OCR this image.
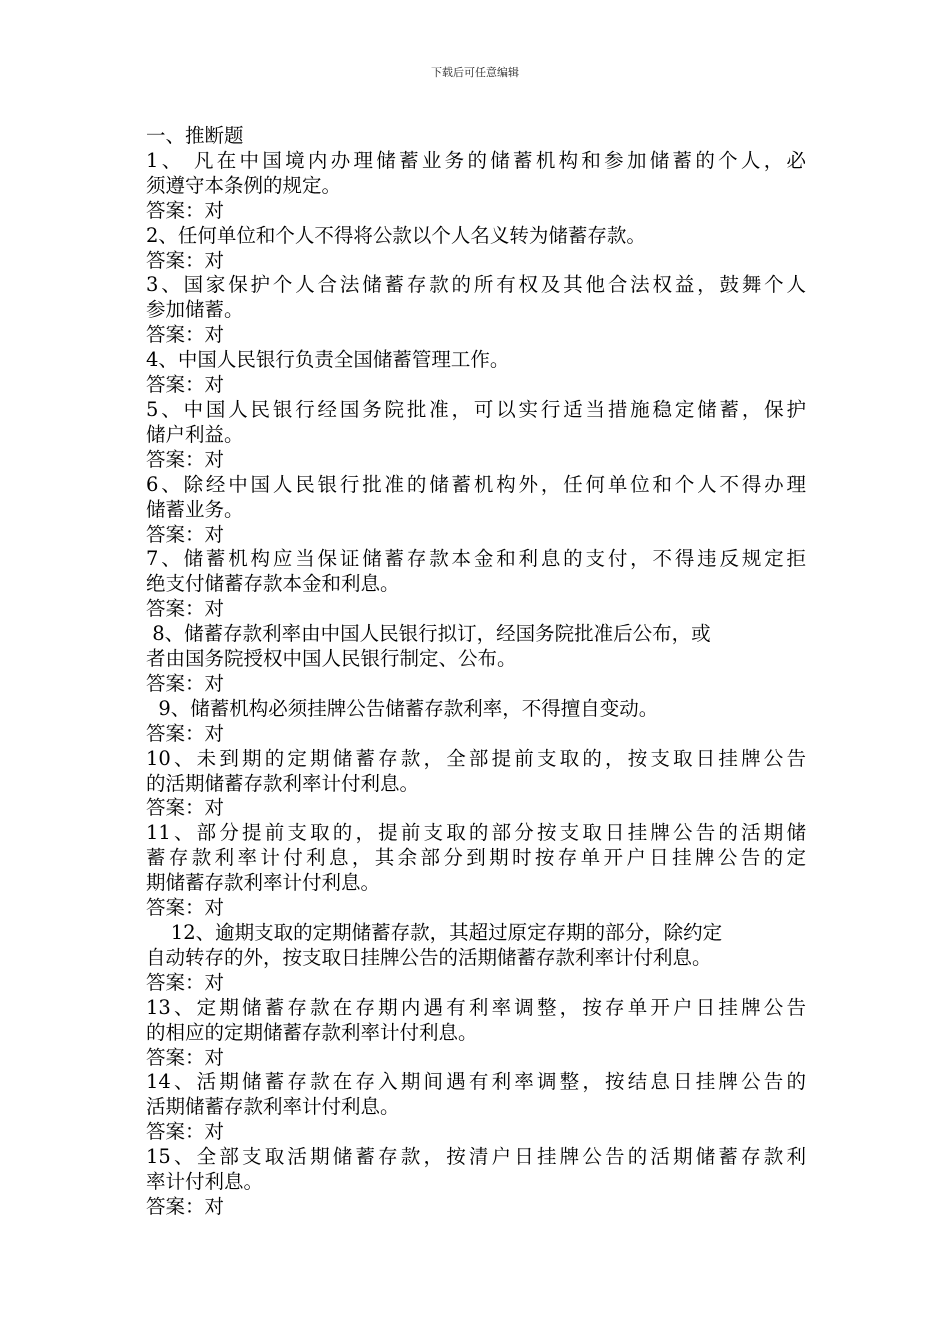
下载后可任意编辑
一、推断题
1、 凡在中国境内办理储蓄业务的储蓄机构和参加储蓄的个人，必
须遵守本条例的规定。
答案：对
2、任何单位和个人不得将公款以个人名义转为储蓄存款。
答案：对
3、国家保护个人合法储蓄存款的所有权及其他合法权益，鼓舞个人
参加储蓄。
答案：对
4、中国人民银行负责全国储蓄管理工作。
答案：对
5、中国人民银行经国务院批准，可以实行适当措施稳定储蓄，保护
储户利益。
答案：对
6、除经中国人民银行批准的储蓄机构外，任何单位和个人不得办理
储蓄业务。
答案：对
7、储蓄机构应当保证储蓄存款本金和利息的支付，不得违反规定拒
绝支付储蓄存款本金和利息。
答案：对
8、储蓄存款利率由中国人民银行拟订，经国务院批准后公布，或
者由国务院授权中国人民银行制定、公布。
答案：对
9、储蓄机构必须挂牌公告储蓄存款利率，不得擅自变动。
答案：对
10、未到期的定期储蓄存款，全部提前支取的，按支取日挂牌公告
的活期储蓄存款利率计付利息。
答案：对
11、部分提前支取的，提前支取的部分按支取日挂牌公告的活期储
蓄存款利率计付利息，其余部分到期时按存单开户日挂牌公告的定
期储蓄存款利率计付利息。
答案：对
12、逾期支取的定期储蓄存款，其超过原定存期的部分，除约定
自动转存的外，按支取日挂牌公告的活期储蓄存款利率计付利息。
答案：对
13、定期储蓄存款在存期内遇有利率调整，按存单开户日挂牌公告
的相应的定期储蓄存款利率计付利息。
答案：对
14、活期储蓄存款在存入期间遇有利率调整，按结息日挂牌公告的
活期储蓄存款利率计付利息。
答案：对
15、全部支取活期储蓄存款，按清户日挂牌公告的活期储蓄存款利
率计付利息。
答案：对
